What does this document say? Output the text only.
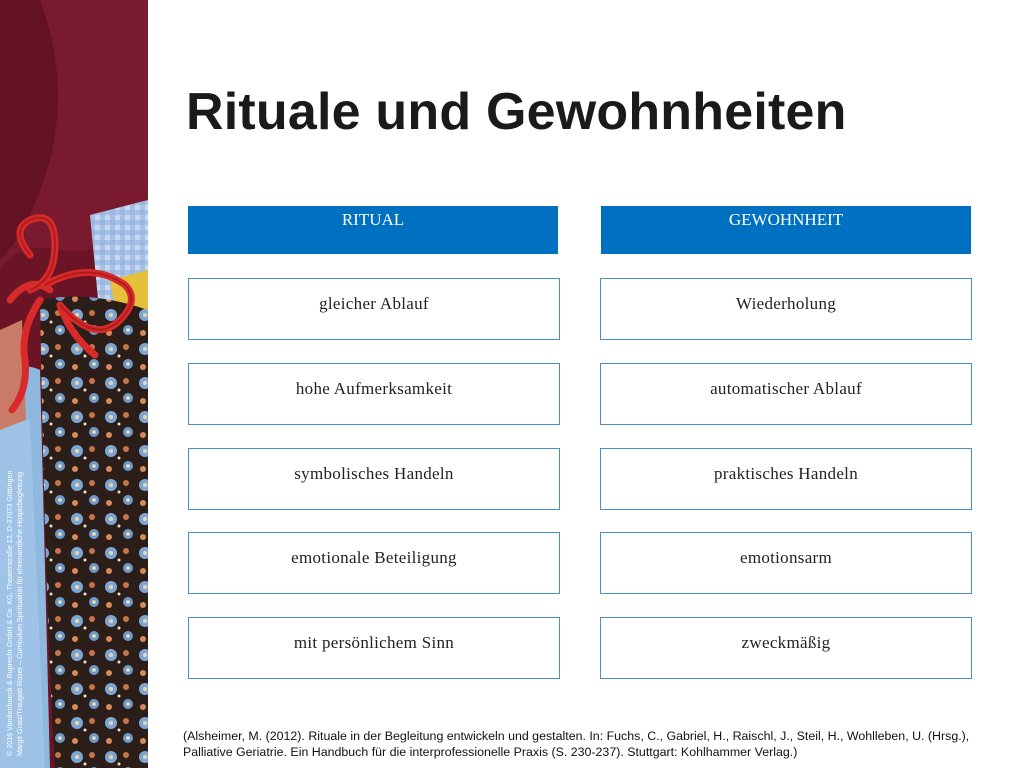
© 2016 Vandenhoeck & Ruprecht GmbH & Co. KG, Theaterstraße 13, D-37073 Göttingen Margit Gratz/Traugott Roser – Curriculum Spiritualität für ehrenamtliche Hospizbegleitung
Rituale und Gewohnheiten
RITUAL	GEWOHNHEIT
gleicher Ablauf
hohe Aufmerksamkeit
symbolisches Handeln
emotionale Beteiligung
mit persönlichem Sinn
Wiederholung
automatischer Ablauf
praktisches Handeln
emotionsarm
zweckmäßig
(Alsheimer, M. (2012). Rituale in der Begleitung entwickeln und gestalten. In: Fuchs, C., Gabriel, H., Raischl, J., Steil, H., Wohlleben, U. (Hrsg.),
Palliative Geriatrie. Ein Handbuch für die interprofessionelle Praxis (S. 230-237). Stuttgart: Kohlhammer Verlag.)
